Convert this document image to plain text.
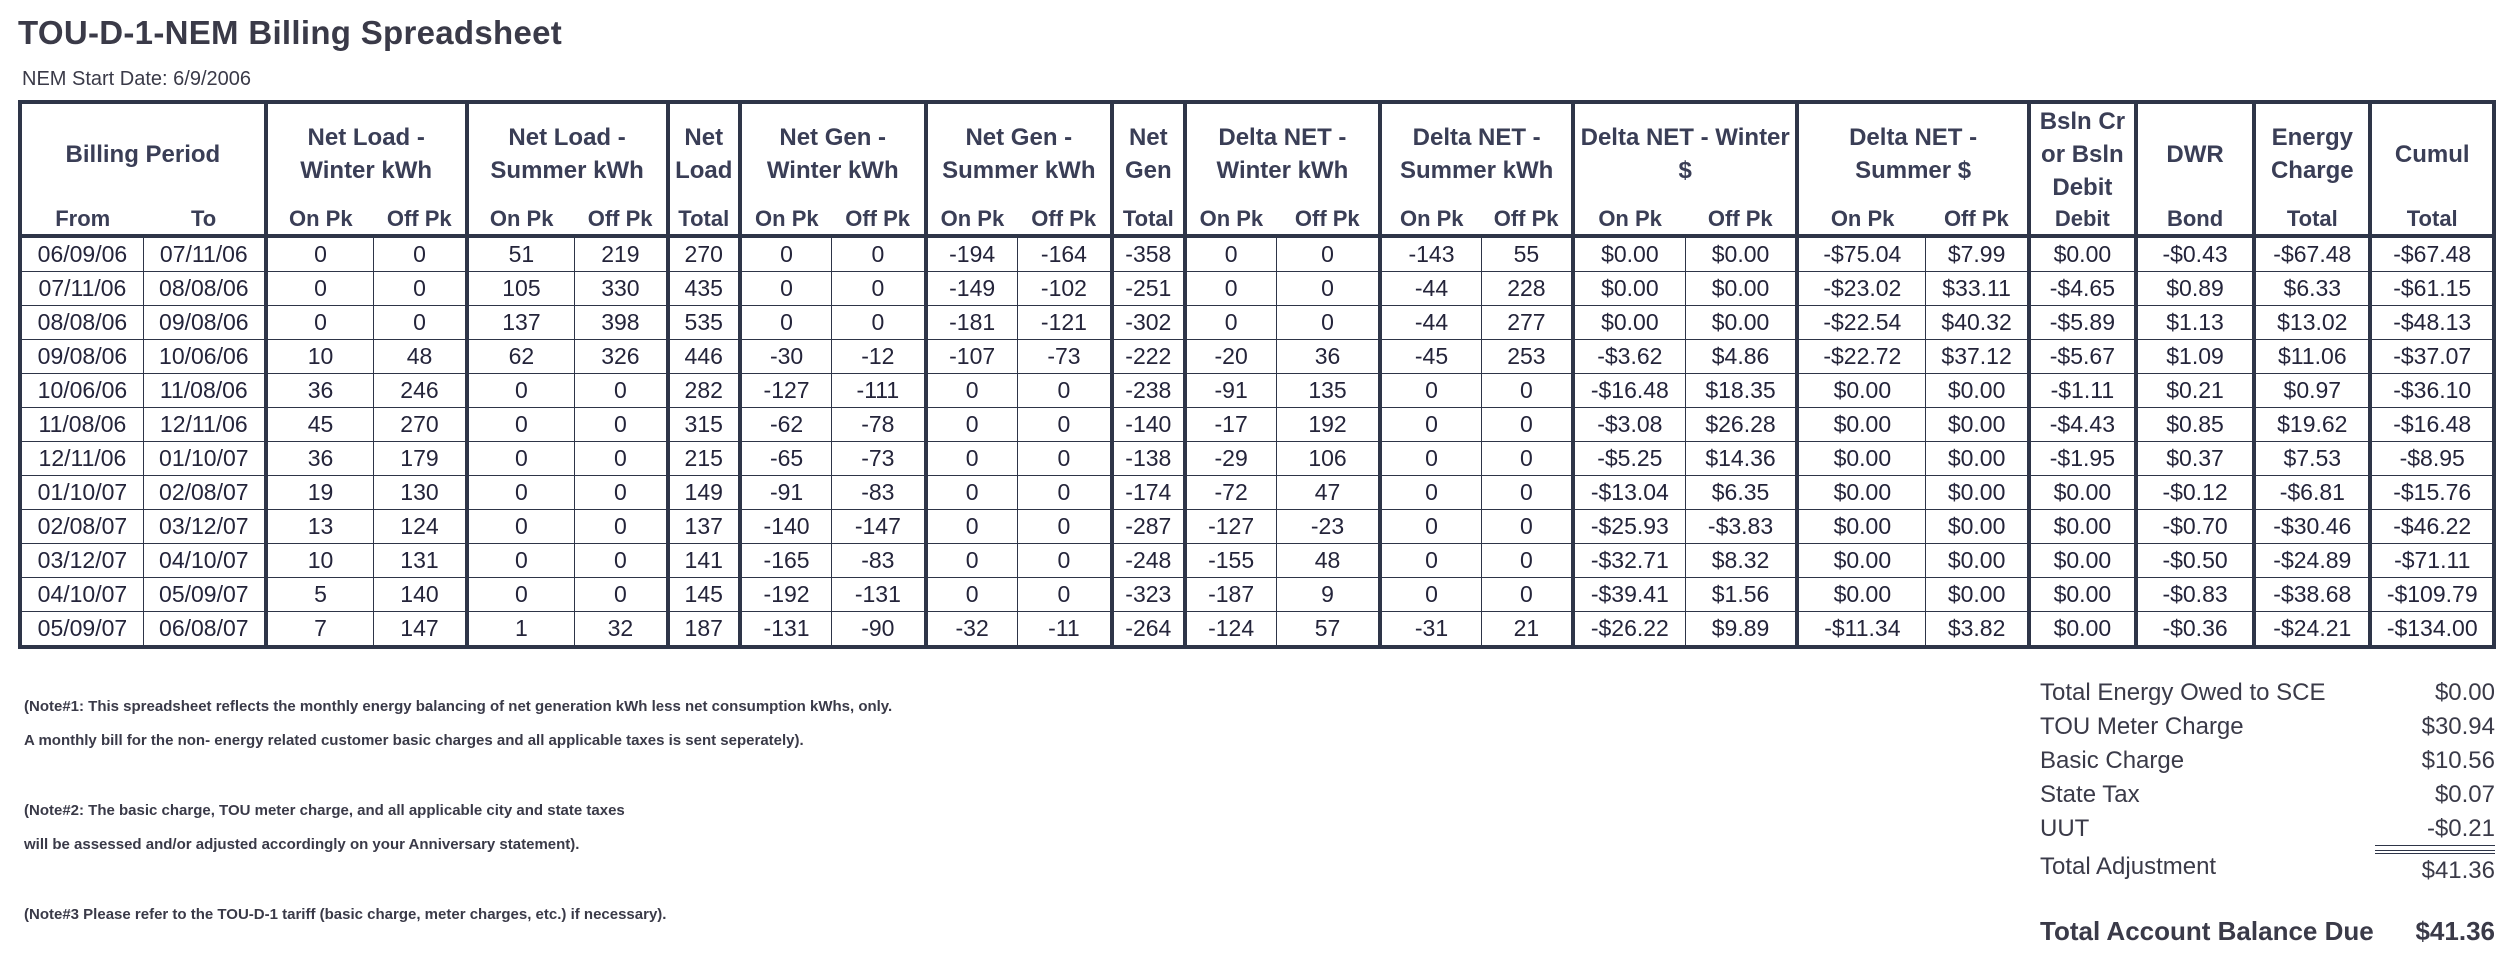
TOU-D-1-NEM Billing Spreadsheet
NEM Start Date: 6/9/2006
Billing Period		Net Load - Winter kWh		Net Load - Summer kWh		Net Load	Net Gen - Winter kWh		Net Gen - Summer kWh		Net Gen	Delta NET - Winter kWh		Delta NET - Summer kWh		Delta NET - Winter $		Delta NET - Summer $		Bsln Cr or Bsln Debit	DWR	Energy Charge	Cumul
From	To	On Pk	Off Pk	On Pk	Off Pk	Total	On Pk	Off Pk	On Pk	Off Pk	Total	On Pk	Off Pk	On Pk	Off Pk	On Pk	Off Pk	On Pk	Off Pk	Debit	Bond	Total	Total
06/09/06	07/11/06	0	0	51	219	270	0	0	-194	-164	-358	0	0	-143	55	$0.00	$0.00	-$75.04	$7.99	$0.00	-$0.43	-$67.48	-$67.48
07/11/06	08/08/06	0	0	105	330	435	0	0	-149	-102	-251	0	0	-44	228	$0.00	$0.00	-$23.02	$33.11	-$4.65	$0.89	$6.33	-$61.15
08/08/06	09/08/06	0	0	137	398	535	0	0	-181	-121	-302	0	0	-44	277	$0.00	$0.00	-$22.54	$40.32	-$5.89	$1.13	$13.02	-$48.13
09/08/06	10/06/06	10	48	62	326	446	-30	-12	-107	-73	-222	-20	36	-45	253	-$3.62	$4.86	-$22.72	$37.12	-$5.67	$1.09	$11.06	-$37.07
10/06/06	11/08/06	36	246	0	0	282	-127	-111	0	0	-238	-91	135	0	0	-$16.48	$18.35	$0.00	$0.00	-$1.11	$0.21	$0.97	-$36.10
11/08/06	12/11/06	45	270	0	0	315	-62	-78	0	0	-140	-17	192	0	0	-$3.08	$26.28	$0.00	$0.00	-$4.43	$0.85	$19.62	-$16.48
12/11/06	01/10/07	36	179	0	0	215	-65	-73	0	0	-138	-29	106	0	0	-$5.25	$14.36	$0.00	$0.00	-$1.95	$0.37	$7.53	-$8.95
01/10/07	02/08/07	19	130	0	0	149	-91	-83	0	0	-174	-72	47	0	0	-$13.04	$6.35	$0.00	$0.00	$0.00	-$0.12	-$6.81	-$15.76
02/08/07	03/12/07	13	124	0	0	137	-140	-147	0	0	-287	-127	-23	0	0	-$25.93	-$3.83	$0.00	$0.00	$0.00	-$0.70	-$30.46	-$46.22
03/12/07	04/10/07	10	131	0	0	141	-165	-83	0	0	-248	-155	48	0	0	-$32.71	$8.32	$0.00	$0.00	$0.00	-$0.50	-$24.89	-$71.11
04/10/07	05/09/07	5	140	0	0	145	-192	-131	0	0	-323	-187	9	0	0	-$39.41	$1.56	$0.00	$0.00	$0.00	-$0.83	-$38.68	-$109.79
05/09/07	06/08/07	7	147	1	32	187	-131	-90	-32	-11	-264	-124	57	-31	21	-$26.22	$9.89	-$11.34	$3.82	$0.00	-$0.36	-$24.21	-$134.00
(Note#1: This spreadsheet reflects the monthly energy balancing of net generation kWh less net consumption kWhs, only.
A monthly bill for the non- energy related customer basic charges and all applicable taxes is sent seperately).
(Note#2: The basic charge, TOU meter charge, and all applicable city and state taxes
will be assessed and/or adjusted accordingly on your Anniversary statement).
(Note#3 Please refer to the TOU-D-1 tariff (basic charge, meter charges, etc.) if necessary).
Total Energy Owed to SCE	$0.00
TOU Meter Charge	$30.94
Basic Charge	$10.56
State Tax	$0.07
UUT	-$0.21
Total Adjustment	$41.36
Total Account Balance Due	$41.36
